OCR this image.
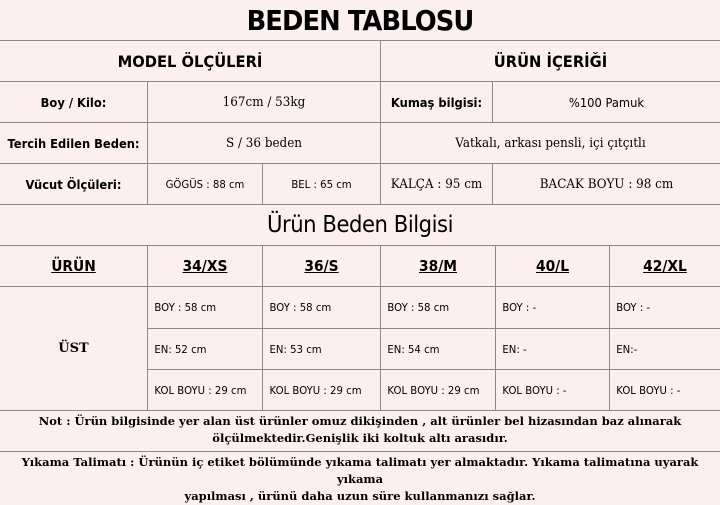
BEDEN TABLOSU
MODEL ÖLÇÜLERİ	ÜRÜN İÇERİĞİ
Boy / Kilo:	167cm / 53kg	Kumaş bilgisi:	%100 Pamuk
Tercih Edilen Beden:	S / 36 beden	Vatkalı, arkası pensli, içi çıtçıtlı
Vücut Ölçüleri:	GÖGÜS : 88 cm	BEL : 65 cm	KALÇA : 95 cm	BACAK BOYU : 98 cm
Ürün Beden Bilgisi
ÜRÜN	34/XS	36/S	38/M	40/L	42/XL
ÜST
BOY : 58 cm	BOY : 58 cm	BOY : 58 cm	BOY : -	BOY : -
EN: 52 cm	EN: 53 cm	EN: 54 cm	EN: -	EN:-
KOL BOYU : 29 cm	KOL BOYU : 29 cm	KOL BOYU : 29 cm	KOL BOYU : -	KOL BOYU : -
Not : Ürün bilgisinde yer alan üst ürünler omuz dikişinden , alt ürünler bel hizasından baz alınarak
ölçülmektedir.Genişlik iki koltuk altı arasıdır.
Yıkama Talimatı : Ürünün iç etiket bölümünde yıkama talimatı yer almaktadır. Yıkama talimatına uyarak yıkama
yapılması , ürünü daha uzun süre kullanmanızı sağlar.
